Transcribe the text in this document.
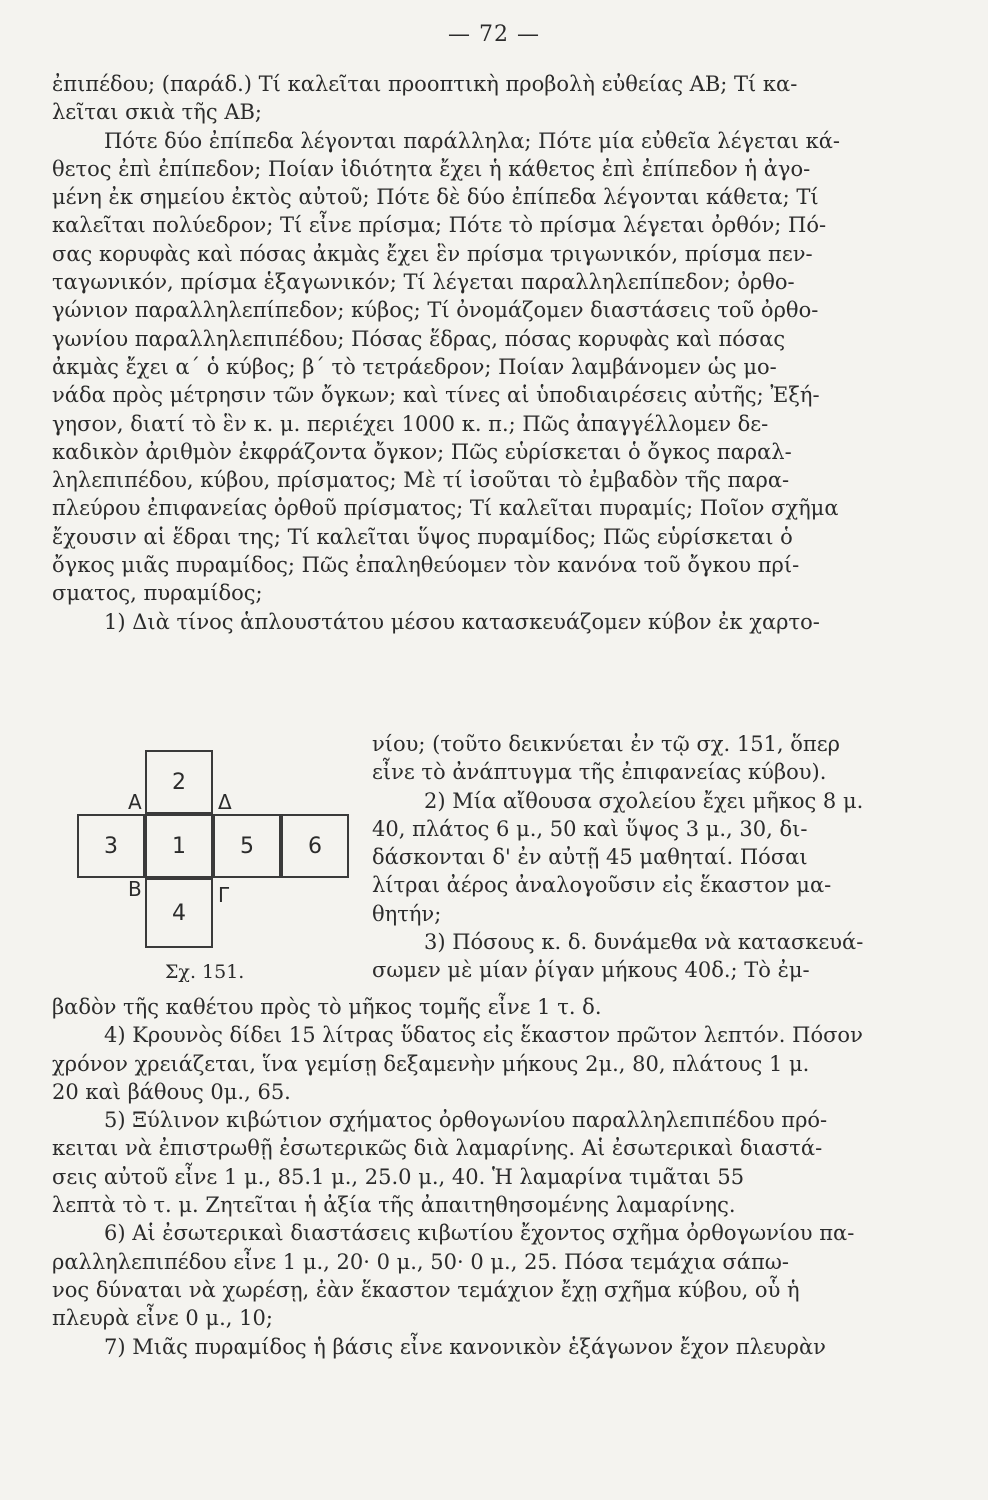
— 72 —
ἐπιπέδου; (παράδ.) Τί καλεῖται προοπτικὴ προβολὴ εὐθείας ΑΒ; Τί κα-
λεῖται σκιὰ τῆς ΑΒ;
Πότε δύο ἐπίπεδα λέγονται παράλληλα; Πότε μία εὐθεῖα λέγεται κά-
θετος ἐπὶ ἐπίπεδον; Ποίαν ἰδιότητα ἔχει ἡ κάθετος ἐπὶ ἐπίπεδον ἡ ἀγο-
μένη ἐκ σημείου ἐκτὸς αὐτοῦ; Πότε δὲ δύο ἐπίπεδα λέγονται κάθετα; Τί
καλεῖται πολύεδρον; Τί εἶνε πρίσμα; Πότε τὸ πρίσμα λέγεται ὀρθόν; Πό-
σας κορυφὰς καὶ πόσας ἀκμὰς ἔχει ἓν πρίσμα τριγωνικόν, πρίσμα πεν-
ταγωνικόν, πρίσμα ἑξαγωνικόν; Τί λέγεται παραλληλεπίπεδον; ὀρθο-
γώνιον παραλληλεπίπεδον; κύβος; Τί ὀνομάζομεν διαστάσεις τοῦ ὀρθο-
γωνίου παραλληλεπιπέδου; Πόσας ἕδρας, πόσας κορυφὰς καὶ πόσας
ἀκμὰς ἔχει α΄ ὁ κύβος; β΄ τὸ τετράεδρον; Ποίαν λαμβάνομεν ὡς μο-
νάδα πρὸς μέτρησιν τῶν ὄγκων; καὶ τίνες αἱ ὑποδιαιρέσεις αὐτῆς; Ἐξή-
γησον, διατί τὸ ἓν κ. μ. περιέχει 1000 κ. π.; Πῶς ἀπαγγέλλομεν δε-
καδικὸν ἀριθμὸν ἐκφράζοντα ὄγκον; Πῶς εὑρίσκεται ὁ ὄγκος παραλ-
ληλεπιπέδου, κύβου, πρίσματος; Μὲ τί ἰσοῦται τὸ ἐμβαδὸν τῆς παρα-
πλεύρου ἐπιφανείας ὀρθοῦ πρίσματος; Τί καλεῖται πυραμίς; Ποῖον σχῆμα
ἔχουσιν αἱ ἕδραι της; Τί καλεῖται ὕψος πυραμίδος; Πῶς εὑρίσκεται ὁ
ὄγκος μιᾶς πυραμίδος; Πῶς ἐπαληθεύομεν τὸν κανόνα τοῦ ὄγκου πρί-
σματος, πυραμίδος;
1) Διὰ τίνος ἁπλουστάτου μέσου κατασκευάζομεν κύβον ἐκ χαρτο-
2
3	1	5	6
4
Α	Δ
Β	Γ
Σχ. 151.
νίου; (τοῦτο δεικνύεται ἐν τῷ σχ. 151, ὅπερ
εἶνε τὸ ἀνάπτυγμα τῆς ἐπιφανείας κύβου).
2) Μία αἴθουσα σχολείου ἔχει μῆκος 8 μ.
40, πλάτος 6 μ., 50 καὶ ὕψος 3 μ., 30, δι-
δάσκονται δ' ἐν αὐτῇ 45 μαθηταί. Πόσαι
λίτραι ἀέρος ἀναλογοῦσιν εἰς ἕκαστον μα-
θητήν;
3) Πόσους κ. δ. δυνάμεθα νὰ κατασκευά-
σωμεν μὲ μίαν ῥίγαν μήκους 40δ.; Τὸ ἐμ-
βαδὸν τῆς καθέτου πρὸς τὸ μῆκος τομῆς εἶνε 1 τ. δ.
4) Κρουνὸς δίδει 15 λίτρας ὕδατος εἰς ἕκαστον πρῶτον λεπτόν. Πόσον
χρόνον χρειάζεται, ἵνα γεμίσῃ δεξαμενὴν μήκους 2μ., 80, πλάτους 1 μ.
20 καὶ βάθους 0μ., 65.
5) Ξύλινον κιβώτιον σχήματος ὀρθογωνίου παραλληλεπιπέδου πρό-
κειται νὰ ἐπιστρωθῇ ἐσωτερικῶς διὰ λαμαρίνης. Αἱ ἐσωτερικαὶ διαστά-
σεις αὐτοῦ εἶνε 1 μ., 85.1 μ., 25.0 μ., 40. Ἡ λαμαρίνα τιμᾶται 55
λεπτὰ τὸ τ. μ. Ζητεῖται ἡ ἀξία τῆς ἀπαιτηθησομένης λαμαρίνης.
6) Αἱ ἐσωτερικαὶ διαστάσεις κιβωτίου ἔχοντος σχῆμα ὀρθογωνίου πα-
ραλληλεπιπέδου εἶνε 1 μ., 20· 0 μ., 50· 0 μ., 25. Πόσα τεμάχια σάπω-
νος δύναται νὰ χωρέσῃ, ἐὰν ἕκαστον τεμάχιον ἔχῃ σχῆμα κύβου, οὗ ἡ
πλευρὰ εἶνε 0 μ., 10;
7) Μιᾶς πυραμίδος ἡ βάσις εἶνε κανονικὸν ἑξάγωνον ἔχον πλευρὰν
